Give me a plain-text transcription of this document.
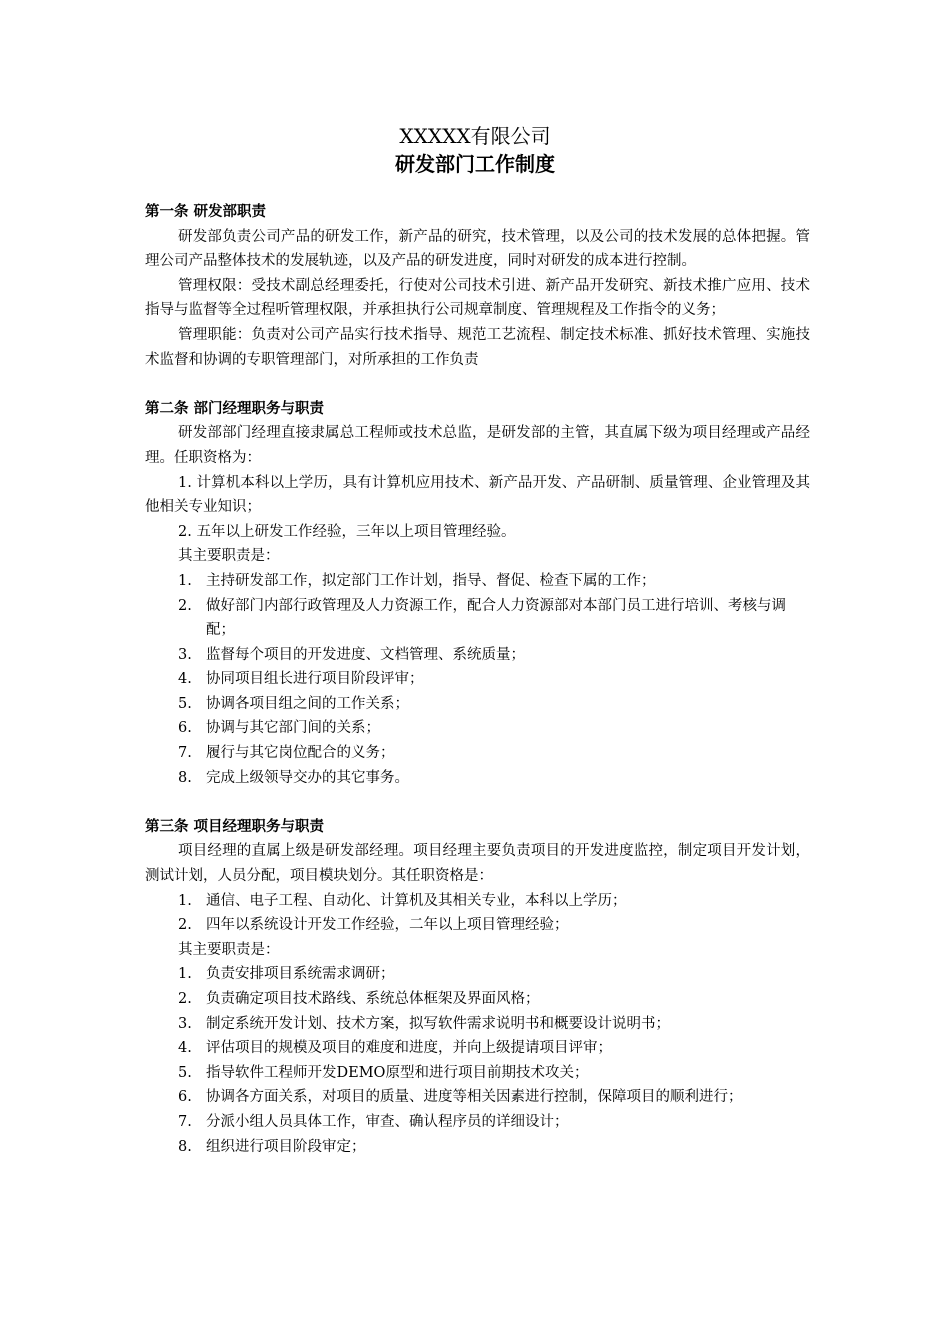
XXXXX有限公司
研发部门工作制度
第一条 研发部职责
研发部负责公司产品的研发工作，新产品的研究，技术管理，以及公司的技术发展的总体把握。管理公司产品整体技术的发展轨迹，以及产品的研发进度，同时对研发的成本进行控制。
管理权限：受技术副总经理委托，行使对公司技术引进、新产品开发研究、新技术推广应用、技术指导与监督等全过程听管理权限，并承担执行公司规章制度、管理规程及工作指令的义务；
管理职能：负责对公司产品实行技术指导、规范工艺流程、制定技术标准、抓好技术管理、实施技术监督和协调的专职管理部门，对所承担的工作负责
第二条 部门经理职务与职责
研发部部门经理直接隶属总工程师或技术总监，是研发部的主管，其直属下级为项目经理或产品经理。任职资格为：
1. 计算机本科以上学历，具有计算机应用技术、新产品开发、产品研制、质量管理、企业管理及其他相关专业知识；
2. 五年以上研发工作经验，三年以上项目管理经验。
其主要职责是：
1. 主持研发部工作，拟定部门工作计划，指导、督促、检查下属的工作；
2. 做好部门内部行政管理及人力资源工作，配合人力资源部对本部门员工进行培训、考核与调配；
3. 监督每个项目的开发进度、文档管理、系统质量；
4. 协同项目组长进行项目阶段评审；
5. 协调各项目组之间的工作关系；
6. 协调与其它部门间的关系；
7. 履行与其它岗位配合的义务；
8. 完成上级领导交办的其它事务。
第三条 项目经理职务与职责
项目经理的直属上级是研发部经理。项目经理主要负责项目的开发进度监控，制定项目开发计划，测试计划，人员分配，项目模块划分。其任职资格是：
1. 通信、电子工程、自动化、计算机及其相关专业，本科以上学历；
2. 四年以系统设计开发工作经验，二年以上项目管理经验；
其主要职责是：
1. 负责安排项目系统需求调研；
2. 负责确定项目技术路线、系统总体框架及界面风格；
3. 制定系统开发计划、技术方案，拟写软件需求说明书和概要设计说明书；
4. 评估项目的规模及项目的难度和进度，并向上级提请项目评审；
5. 指导软件工程师开发DEMO原型和进行项目前期技术攻关；
6. 协调各方面关系，对项目的质量、进度等相关因素进行控制，保障项目的顺利进行；
7. 分派小组人员具体工作，审查、确认程序员的详细设计；
8. 组织进行项目阶段审定；
